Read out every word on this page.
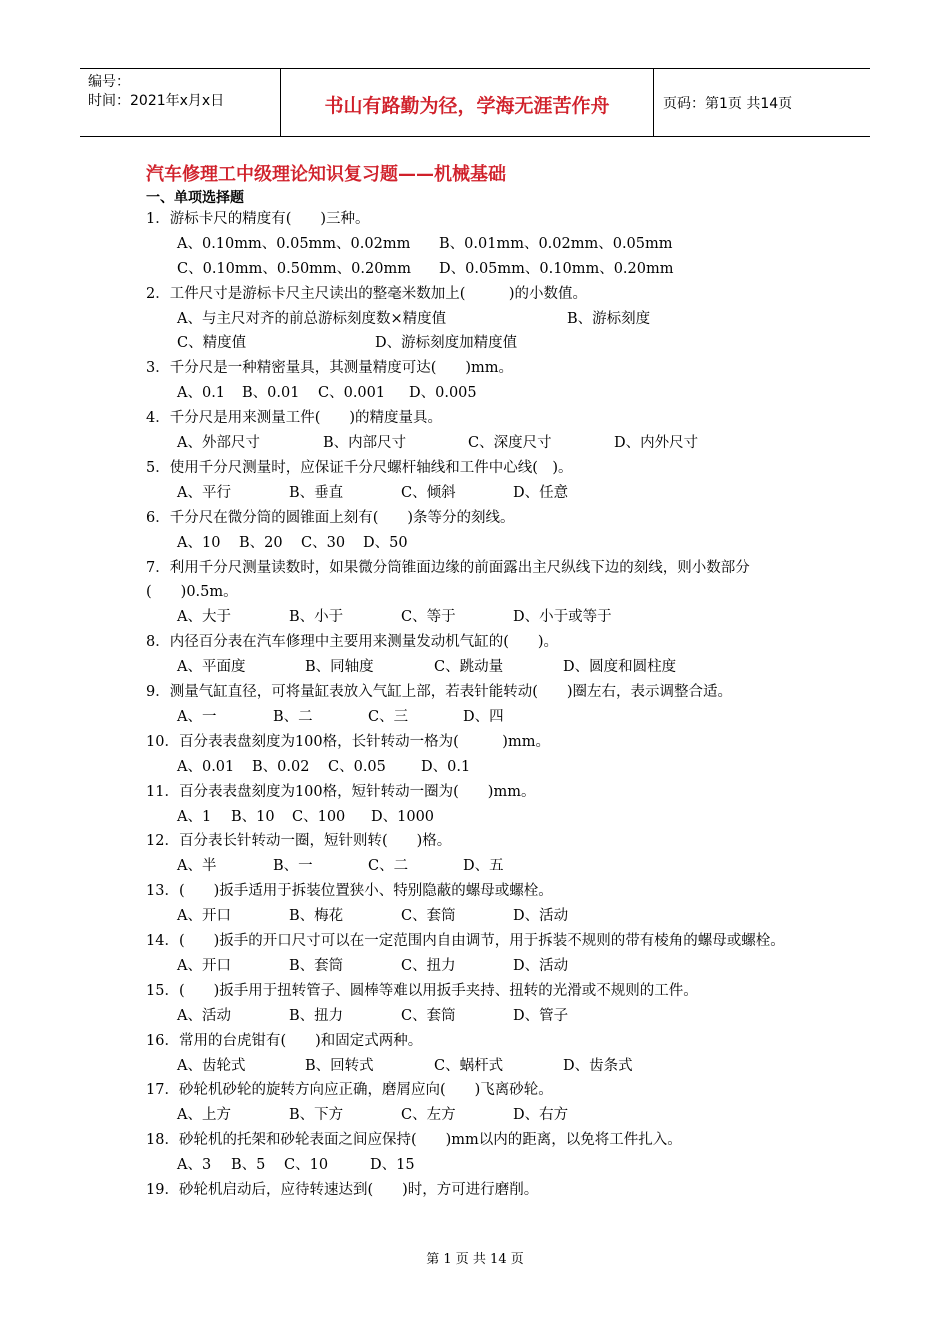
编号：
时间：2021年x月x日	书山有路勤为径，学海无涯苦作舟	页码：第1页 共14页
汽车修理工中级理论知识复习题——机械基础
一、单项选择题
1．游标卡尺的精度有(　　)三种。
A、0.10mm、0.05mm、0.02mm B、0.01mm、0.02mm、0.05mm
C、0.10mm、0.50mm、0.20mm D、0.05mm、0.10mm、0.20mm
2．工件尺寸是游标卡尺主尺读出的整毫米数加上(　　　)的小数值。
A、与主尺对齐的前总游标刻度数×精度值	B、游标刻度
C、精度值	D、游标刻度加精度值
3．千分尺是一种精密量具，其测量精度可达(　　)mm。
A、0.1 B、0.01 C、0.001 D、0.005
4．千分尺是用来测量工件(　　)的精度量具。
A、外部尺寸	B、内部尺寸	C、深度尺寸	D、内外尺寸
5．使用千分尺测量时，应保证千分尺螺杆轴线和工件中心线(　)。
A、平行	B、垂直	C、倾斜	D、任意
6．千分尺在微分筒的圆锥面上刻有(　　)条等分的刻线。
A、10 B、20 C、30 D、50
7．利用千分尺测量读数时，如果微分筒锥面边缘的前面露出主尺纵线下边的刻线，则小数部分(　　)0.5m。
A、大于	B、小于	C、等于	D、小于或等于
8．内径百分表在汽车修理中主要用来测量发动机气缸的(　　)。
A、平面度	B、同轴度	C、跳动量	D、圆度和圆柱度
9．测量气缸直径，可将量缸表放入气缸上部，若表针能转动(　　)圈左右，表示调整合适。
A、一	B、二	C、三	D、四
10．百分表表盘刻度为100格，长针转动一格为(　　　)mm。
A、0.01 B、0.02 C、0.05 D、0.1
11．百分表表盘刻度为100格，短针转动一圈为(　　)mm。
A、1 B、10 C、100 D、1000
12．百分表长针转动一圈，短针则转(　　)格。
A、半	B、一	C、二	D、五
13．(　　)扳手适用于拆装位置狭小、特别隐蔽的螺母或螺栓。
A、开口	B、梅花	C、套筒	D、活动
14．(　　)扳手的开口尺寸可以在一定范围内自由调节，用于拆装不规则的带有棱角的螺母或螺栓。
A、开口	B、套筒	C、扭力	D、活动
15．(　　)扳手用于扭转管子、圆棒等难以用扳手夹持、扭转的光滑或不规则的工件。
A、活动	B、扭力	C、套筒	D、管子
16．常用的台虎钳有(　　)和固定式两种。
A、齿轮式	B、回转式	C、蜗杆式	D、齿条式
17．砂轮机砂轮的旋转方向应正确，磨屑应向(　　)飞离砂轮。
A、上方	B、下方	C、左方	D、右方
18．砂轮机的托架和砂轮表面之间应保持(　　)mm以内的距离，以免将工件扎入。
A、3 B、5 C、10	D、15
19．砂轮机启动后，应待转速达到(　　)时，方可进行磨削。
第 1 页 共 14 页
